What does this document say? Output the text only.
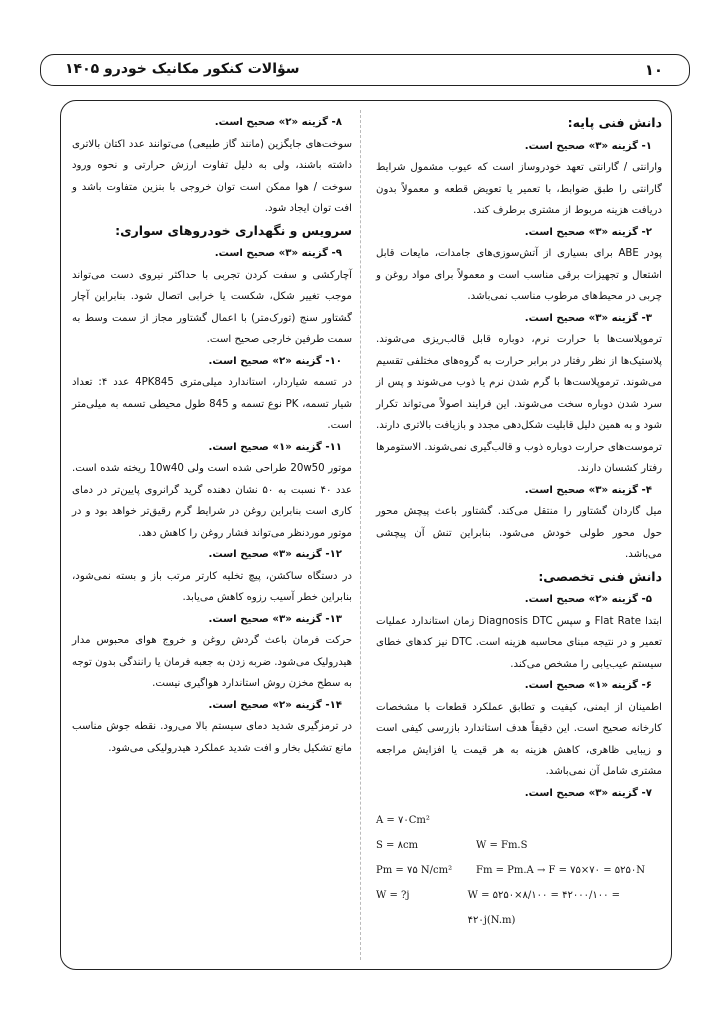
سؤالات کنکور مکانیک خودرو ۱۴۰۵	۱۰
دانش فنی پایه:
۱- گزینه «۳» صحیح است.

وارانتی / گارانتی تعهد خودروساز است که عیوب مشمول شرایط گارانتی را طبق ضوابط، با تعمیر یا تعویض قطعه و معمولاً بدون دریافت هزینه مربوط از مشتری برطرف کند.

۲- گزینه «۳» صحیح است.

پودر ABE برای بسیاری از آتش‌سوزی‌های جامدات، مایعات قابل اشتعال و تجهیزات برقی مناسب است و معمولاً برای مواد روغن و چربی در محیط‌های مرطوب مناسب نمی‌باشد.

۳- گزینه «۳» صحیح است.

ترموپلاست‌ها با حرارت نرم، دوباره قابل قالب‌ریزی می‌شوند. پلاستیک‌ها از نظر رفتار در برابر حرارت به گروه‌های مختلفی تقسیم می‌شوند. ترموپلاست‌ها با گرم شدن نرم یا ذوب می‌شوند و پس از سرد شدن دوباره سخت می‌شوند. این فرایند اصولاً می‌تواند تکرار شود و به همین دلیل قابلیت شکل‌دهی مجدد و بازیافت بالاتری دارند. ترموست‌های حرارت دوباره ذوب و قالب‌گیری نمی‌شوند. الاستومرها رفتار کشسان دارند.

۴- گزینه «۳» صحیح است.

میل گاردان گشتاور را منتقل می‌کند. گشتاور باعث پیچش محور حول محور طولی خودش می‌شود. بنابراین تنش آن پیچشی می‌باشد.

دانش فنی تخصصی:
۵- گزینه «۲» صحیح است.

ابتدا Flat Rate و سپس Diagnosis DTC زمان استاندارد عملیات تعمیر و در نتیجه مبنای محاسبه هزینه است. DTC نیز کدهای خطای سیستم عیب‌یابی را مشخص می‌کند.

۶- گزینه «۱» صحیح است.

اطمینان از ایمنی، کیفیت و تطابق عملکرد قطعات با مشخصات کارخانه صحیح است. این دقیقاً هدف استاندارد بازرسی کیفی است و زیبایی ظاهری، کاهش هزینه به هر قیمت یا افزایش مراجعه مشتری شامل آن نمی‌باشد.

۷- گزینه «۳» صحیح است.
A = ۷۰Cm²
S = ۸cm	W = Fm.S
Pm = ۷۵ N/cm²	Fm = Pm.A → F = ۷۵×۷۰ = ۵۲۵۰N
W = ?j	W = ۵۲۵۰×۸/۱۰۰ = ۴۲۰۰۰/۱۰۰ = ۴۲۰j(N.m)
۸- گزینه «۲» صحیح است.

سوخت‌های جایگزین (مانند گاز طبیعی) می‌توانند عدد اکتان بالاتری داشته باشند، ولی به دلیل تفاوت ارزش حرارتی و نحوه ورود سوخت / هوا ممکن است توان خروجی با بنزین متفاوت باشد و افت توان ایجاد شود.

سرویس و نگهداری خودروهای سواری:
۹- گزینه «۳» صحیح است.

آچارکشی و سفت کردن تجربی با حداکثر نیروی دست می‌تواند موجب تغییر شکل، شکست یا خرابی اتصال شود. بنابراین آچار گشتاور سنج (تورک‌متر) با اعمال گشتاور مجاز از سمت وسط به سمت طرفین خارجی صحیح است.

۱۰- گزینه «۲» صحیح است.

در تسمه شیاردار، استاندارد میلی‌متری 4PK845 عدد ۴: تعداد شیار تسمه، PK نوع تسمه و 845 طول محیطی تسمه به میلی‌متر است.

۱۱- گزینه «۱» صحیح است.

موتور 20w50 طراحی شده است ولی 10w40 ریخته شده است. عدد ۴۰ نسبت به ۵۰ نشان دهنده گرید گرانروی پایین‌تر در دمای کاری است بنابراین روغن در شرایط گرم رقیق‌تر خواهد بود و در موتور موردنظر می‌تواند فشار روغن را کاهش دهد.

۱۲- گزینه «۳» صحیح است.

در دستگاه ساکشن، پیچ تخلیه کارتر مرتب باز و بسته نمی‌شود، بنابراین خطر آسیب رزوه کاهش می‌یابد.

۱۳- گزینه «۳» صحیح است.

حرکت فرمان باعث گردش روغن و خروج هوای محبوس مدار هیدرولیک می‌شود. ضربه زدن به جعبه فرمان یا رانندگی بدون توجه به سطح مخزن روش استاندارد هواگیری نیست.

۱۴- گزینه «۲» صحیح است.

در ترمزگیری شدید دمای سیستم بالا می‌رود. نقطه جوش مناسب مانع تشکیل بخار و افت شدید عملکرد هیدرولیکی می‌شود.
